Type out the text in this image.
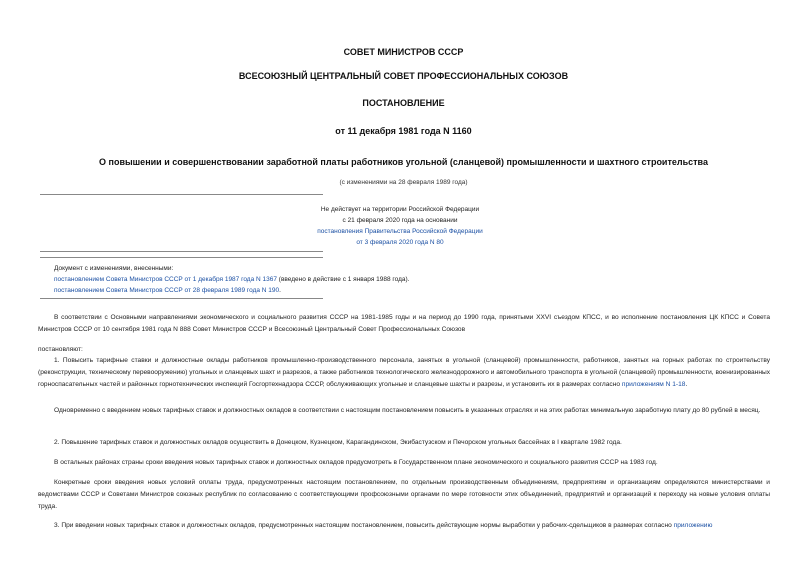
СОВЕТ МИНИСТРОВ СССР
ВСЕСОЮЗНЫЙ ЦЕНТРАЛЬНЫЙ СОВЕТ ПРОФЕССИОНАЛЬНЫХ СОЮЗОВ
ПОСТАНОВЛЕНИЕ
от 11 декабря 1981 года N 1160
О повышении и совершенствовании заработной платы работников угольной (сланцевой) промышленности и шахтного строительства
(с изменениями на 28 февраля 1989 года)
Не действует на территории Российской Федерации
с 21 февраля 2020 года на основании
постановления Правительства Российской Федерации
от 3 февраля 2020 года N 80
Документ с изменениями, внесенными:
постановлением Совета Министров СССР от 1 декабря 1987 года N 1367 (введено в действие с 1 января 1988 года).
постановлением Совета Министров СССР от 28 февраля 1989 года N 190.
В соответствии с Основными направлениями экономического и социального развития СССР на 1981-1985 годы и на период до 1990 года, принятыми XXVI съездом КПСС, и во исполнение постановления ЦК КПСС и Совета Министров СССР от 10 сентября 1981 года N 888 Совет Министров СССР и Всесоюзный Центральный Совет Профессиональных Союзов
постановляют:
1. Повысить тарифные ставки и должностные оклады работников промышленно-производственного персонала, занятых в угольной (сланцевой) промышленности, работников, занятых на горных работах по строительству (реконструкции, техническому перевооружению) угольных и сланцевых шахт и разрезов, а также работников технологического железнодорожного и автомобильного транспорта в угольной (сланцевой) промышленности, военизированных горноспасательных частей и районных горнотехнических инспекций Госгортехнадзора СССР, обслуживающих угольные и сланцевые шахты и разрезы, и установить их в размерах согласно приложениям N 1-18.
Одновременно с введением новых тарифных ставок и должностных окладов в соответствии с настоящим постановлением повысить в указанных отраслях и на этих работах минимальную заработную плату до 80 рублей в месяц.
2. Повышение тарифных ставок и должностных окладов осуществить в Донецком, Кузнецком, Карагандинском, Экибастузском и Печорском угольных бассейнах в I квартале 1982 года.
В остальных районах страны сроки введения новых тарифных ставок и должностных окладов предусмотреть в Государственном плане экономического и социального развития СССР на 1983 год.
Конкретные сроки введения новых условий оплаты труда, предусмотренных настоящим постановлением, по отдельным производственным объединениям, предприятиям и организациям определяются министерствами и ведомствами СССР и Советами Министров союзных республик по согласованию с соответствующими профсоюзными органами по мере готовности этих объединений, предприятий и организаций к переходу на новые условия оплаты труда.
3. При введении новых тарифных ставок и должностных окладов, предусмотренных настоящим постановлением, повысить действующие нормы выработки у рабочих-сдельщиков в размерах согласно приложению
